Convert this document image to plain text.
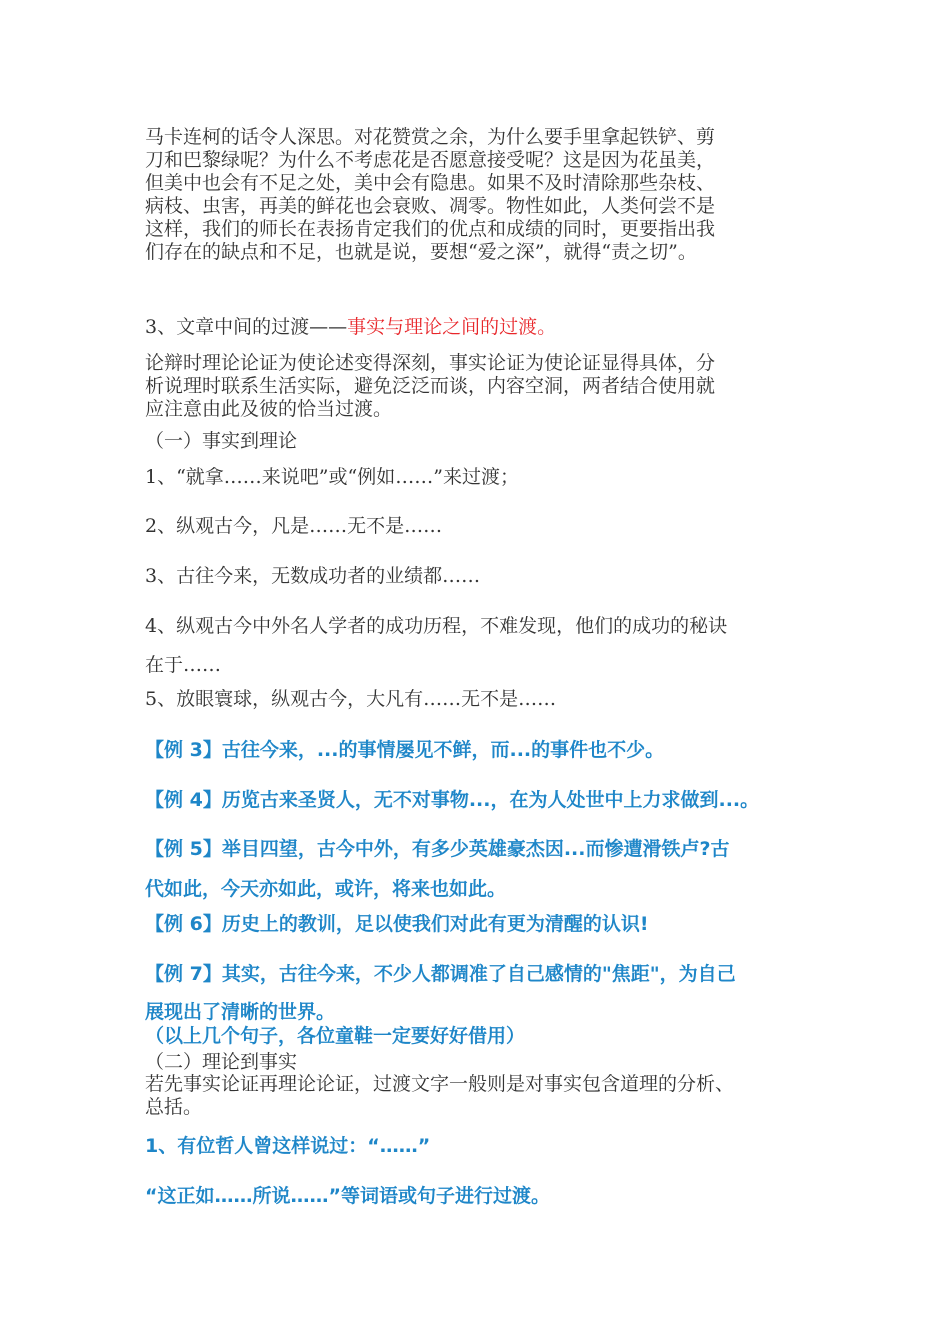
马卡连柯的话令人深思。对花赞赏之余，为什么要手里拿起铁铲、剪
刀和巴黎绿呢？为什么不考虑花是否愿意接受呢？这是因为花虽美，
但美中也会有不足之处，美中会有隐患。如果不及时清除那些杂枝、
病枝、虫害，再美的鲜花也会衰败、凋零。物性如此，人类何尝不是
这样，我们的师长在表扬肯定我们的优点和成绩的同时，更要指出我
们存在的缺点和不足，也就是说，要想“爱之深”，就得“责之切”。
3、文章中间的过渡——事实与理论之间的过渡。
论辩时理论论证为使论述变得深刻，事实论证为使论证显得具体，分
析说理时联系生活实际，避免泛泛而谈，内容空洞，两者结合使用就
应注意由此及彼的恰当过渡。
（一）事实到理论
1、“就拿……来说吧”或“例如……”来过渡；
2、纵观古今，凡是……无不是……
3、古往今来，无数成功者的业绩都……
4、纵观古今中外名人学者的成功历程，不难发现，他们的成功的秘诀
在于……
5、放眼寰球，纵观古今，大凡有……无不是……
【例 3】古往今来，...的事情屡见不鲜，而...的事件也不少。
【例 4】历览古来圣贤人，无不对事物...，在为人处世中上力求做到...。
【例 5】举目四望，古今中外，有多少英雄豪杰因...而惨遭滑铁卢?古
代如此，今天亦如此，或许，将来也如此。
【例 6】历史上的教训，足以使我们对此有更为清醒的认识!
【例 7】其实，古往今来，不少人都调准了自己感情的"焦距"，为自己
展现出了清晰的世界。
（以上几个句子，各位童鞋一定要好好借用）
（二）理论到事实
若先事实论证再理论论证，过渡文字一般则是对事实包含道理的分析、
总括。
1、有位哲人曾这样说过：“……”
“这正如……所说……”等词语或句子进行过渡。
